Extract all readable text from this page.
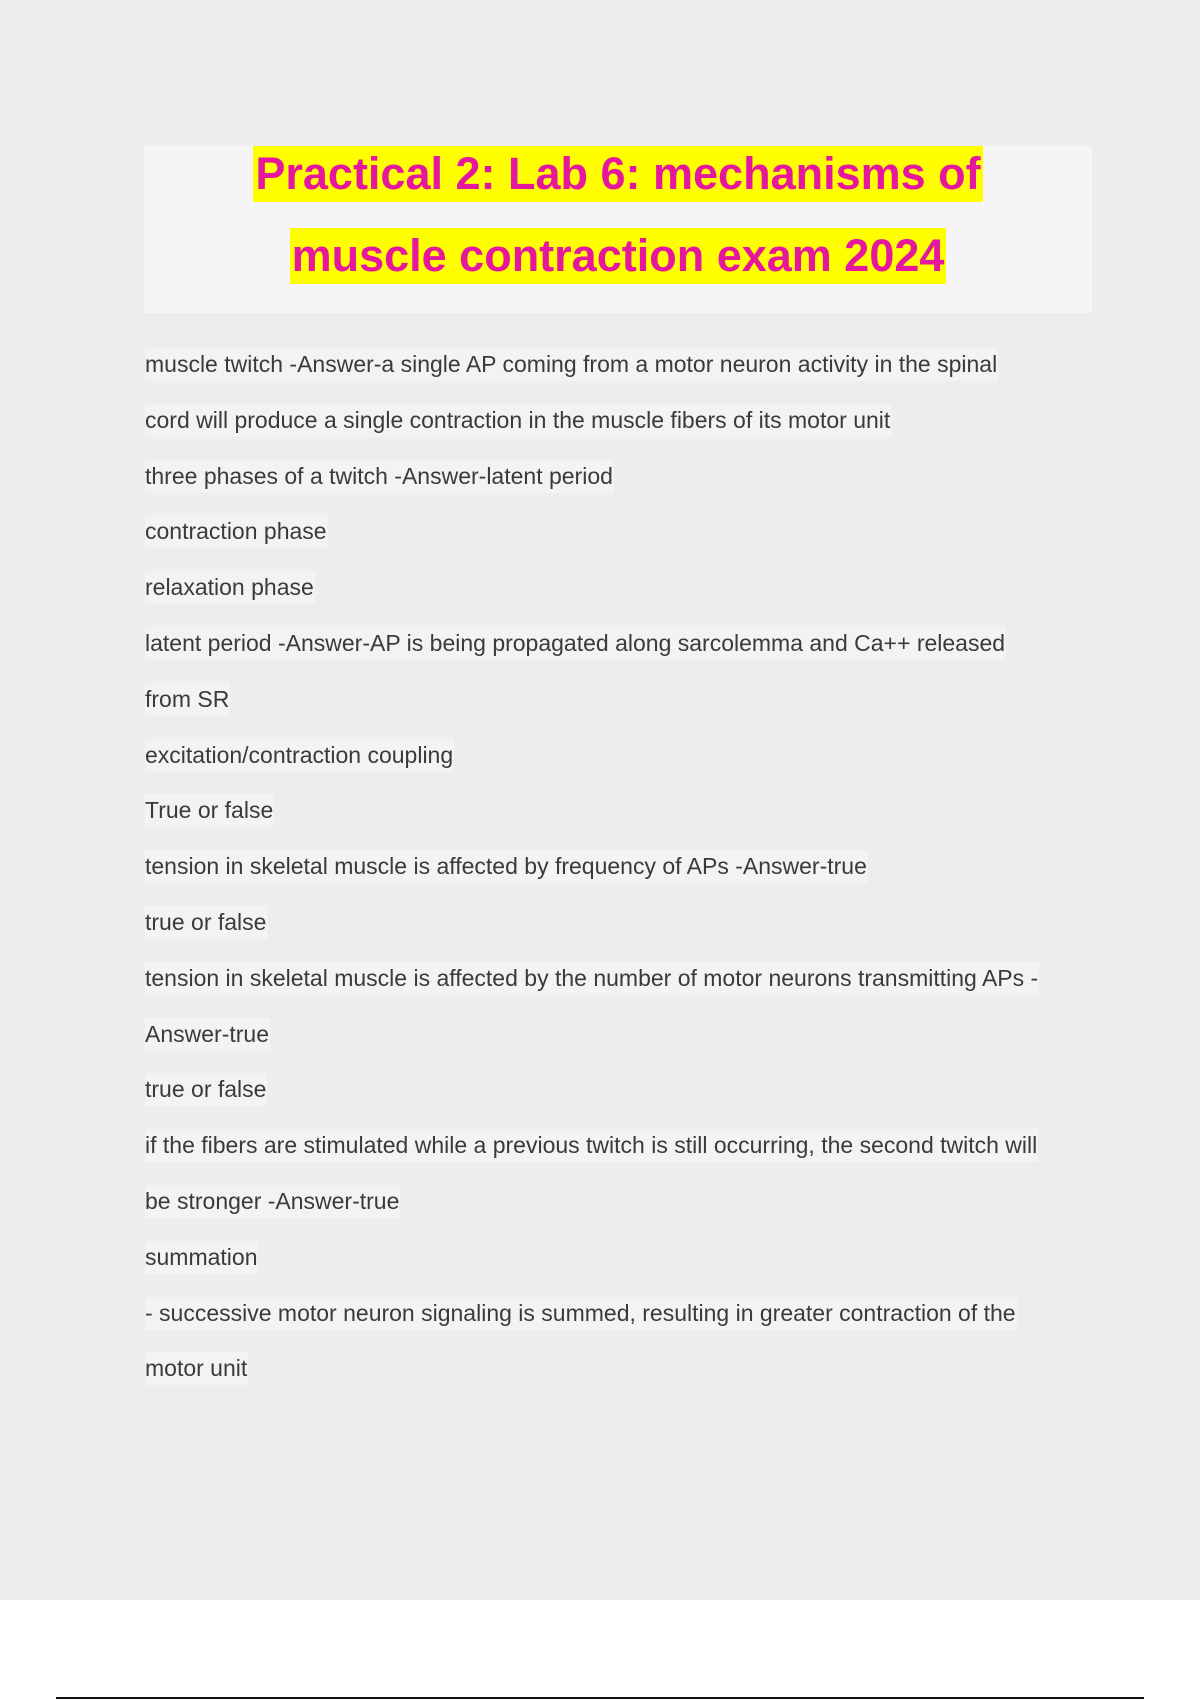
Practical 2: Lab 6: mechanisms of
muscle contraction exam 2024
muscle twitch -Answer-a single AP coming from a motor neuron activity in the spinal
cord will produce a single contraction in the muscle fibers of its motor unit
three phases of a twitch -Answer-latent period
contraction phase
relaxation phase
latent period -Answer-AP is being propagated along sarcolemma and Ca++ released
from SR
excitation/contraction coupling
True or false
tension in skeletal muscle is affected by frequency of APs -Answer-true
true or false
tension in skeletal muscle is affected by the number of motor neurons transmitting APs -
Answer-true
true or false
if the fibers are stimulated while a previous twitch is still occurring, the second twitch will
be stronger -Answer-true
summation
- successive motor neuron signaling is summed, resulting in greater contraction of the
motor unit
